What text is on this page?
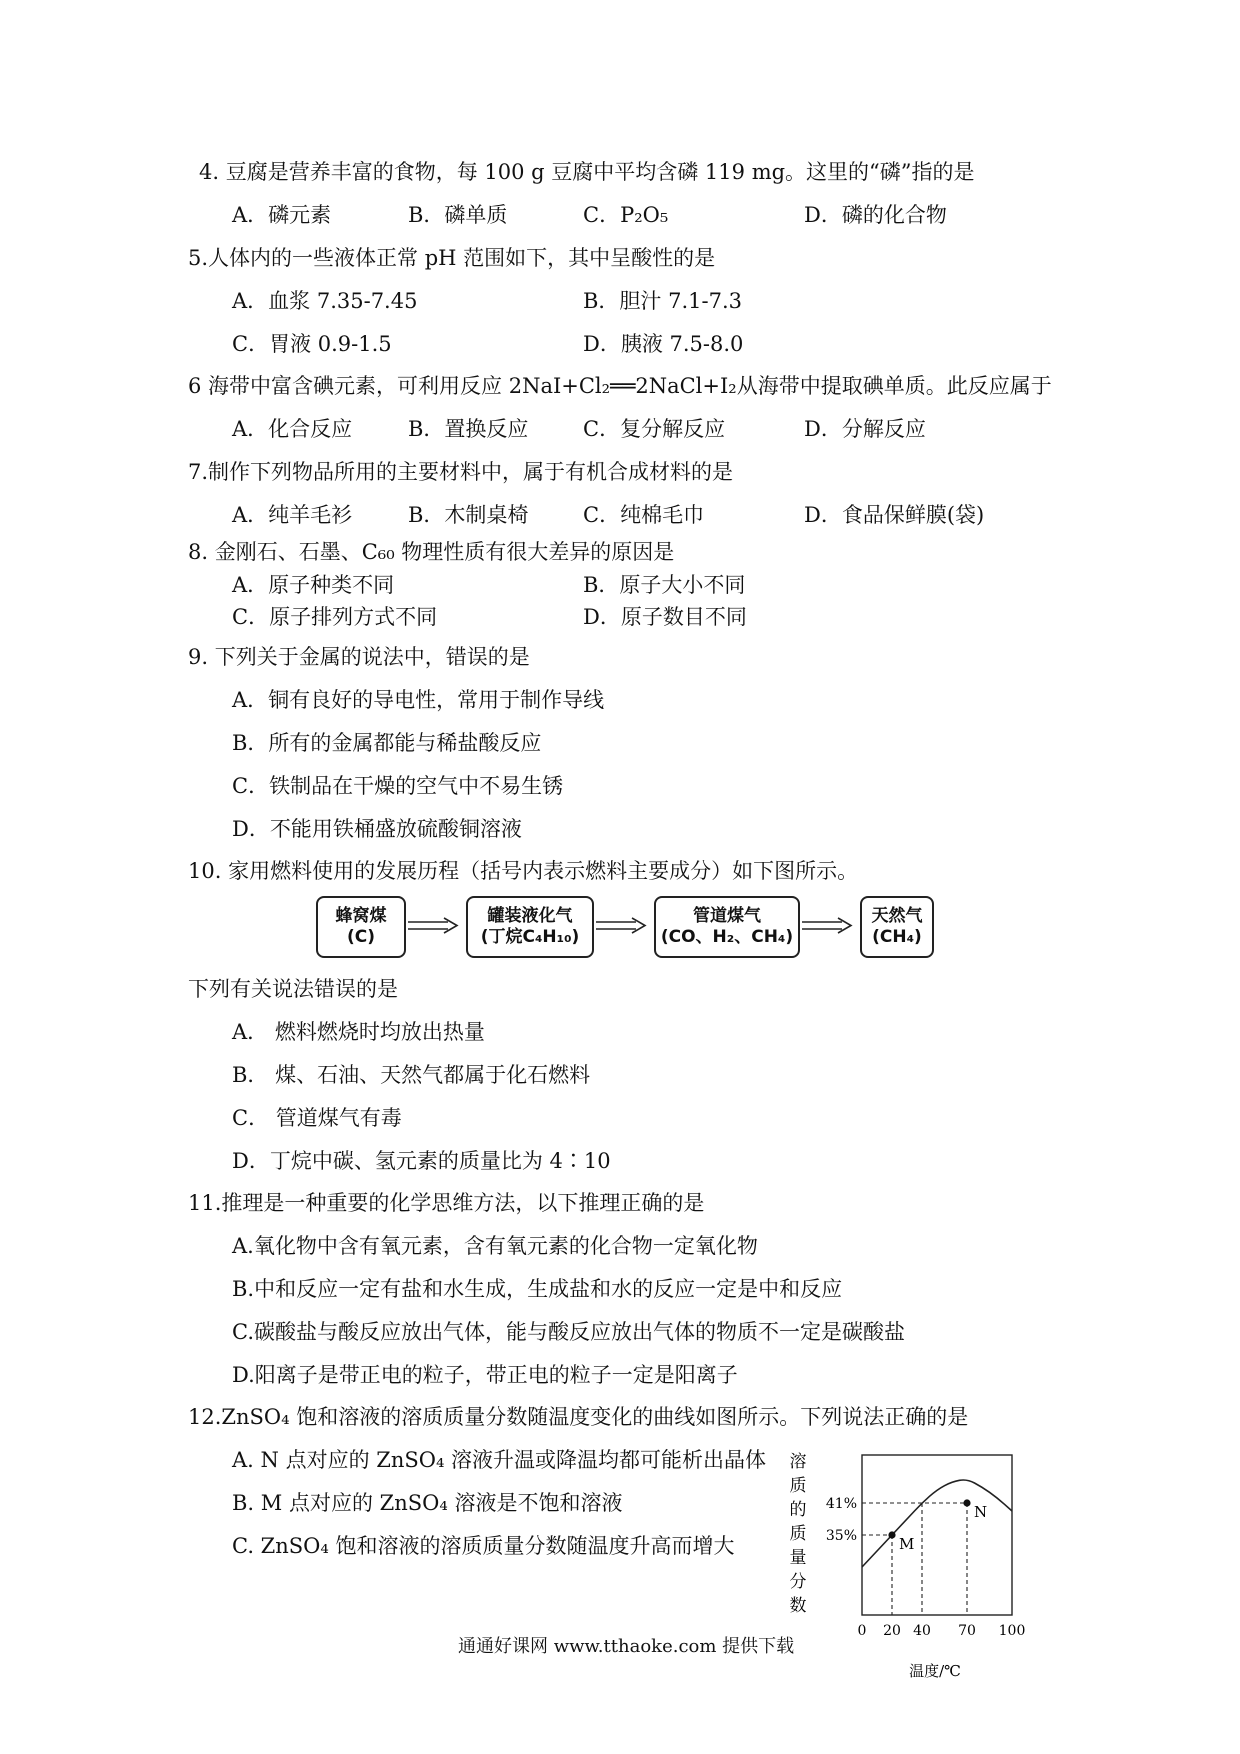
4. 豆腐是营养丰富的食物，每 100 g 豆腐中平均含磷 119 mg。这里的“磷”指的是
A．磷元素	B．磷单质	C．P₂O₅	D．磷的化合物
5.人体内的一些液体正常 pH 范围如下，其中呈酸性的是
A．血浆 7.35-7.45	B．胆汁 7.1-7.3
C．胃液 0.9-1.5	D．胰液 7.5-8.0
6 海带中富含碘元素，可利用反应 2NaI+Cl₂══2NaCl+I₂从海带中提取碘单质。此反应属于
A．化合反应	B．置换反应	C．复分解反应	D．分解反应
7.制作下列物品所用的主要材料中，属于有机合成材料的是
A．纯羊毛衫	B．木制桌椅	C．纯棉毛巾	D．食品保鲜膜(袋)
8. 金刚石、石墨、C₆₀ 物理性质有很大差异的原因是
A．原子种类不同	B．原子大小不同
C．原子排列方式不同	D．原子数目不同
9. 下列关于金属的说法中，错误的是
A．铜有良好的导电性，常用于制作导线
B．所有的金属都能与稀盐酸反应
C．铁制品在干燥的空气中不易生锈
D．不能用铁桶盛放硫酸铜溶液
10. 家用燃料使用的发展历程（括号内表示燃料主要成分）如下图所示。
蜂窝煤
(C)
罐装液化气
(丁烷C₄H₁₀)
管道煤气
(CO、H₂、CH₄)
天然气
(CH₄)
下列有关说法错误的是
A． 燃料燃烧时均放出热量
B． 煤、石油、天然气都属于化石燃料
C． 管道煤气有毒
D．丁烷中碳、氢元素的质量比为 4∶10
11.推理是一种重要的化学思维方法，以下推理正确的是
A.氧化物中含有氧元素，含有氧元素的化合物一定氧化物
B.中和反应一定有盐和水生成，生成盐和水的反应一定是中和反应
C.碳酸盐与酸反应放出气体，能与酸反应放出气体的物质不一定是碳酸盐
D.阳离子是带正电的粒子，带正电的粒子一定是阳离子
12.ZnSO₄ 饱和溶液的溶质质量分数随温度变化的曲线如图所示。下列说法正确的是
A. N 点对应的 ZnSO₄ 溶液升温或降温均都可能析出晶体
B. M 点对应的 ZnSO₄ 溶液是不饱和溶液
C. ZnSO₄ 饱和溶液的溶质质量分数随温度升高而增大
溶
质
的
质
量
分
数
35%
41%
0 20 40 70 100
M
N
温度/℃
通通好课网 www.tthaoke.com 提供下载
